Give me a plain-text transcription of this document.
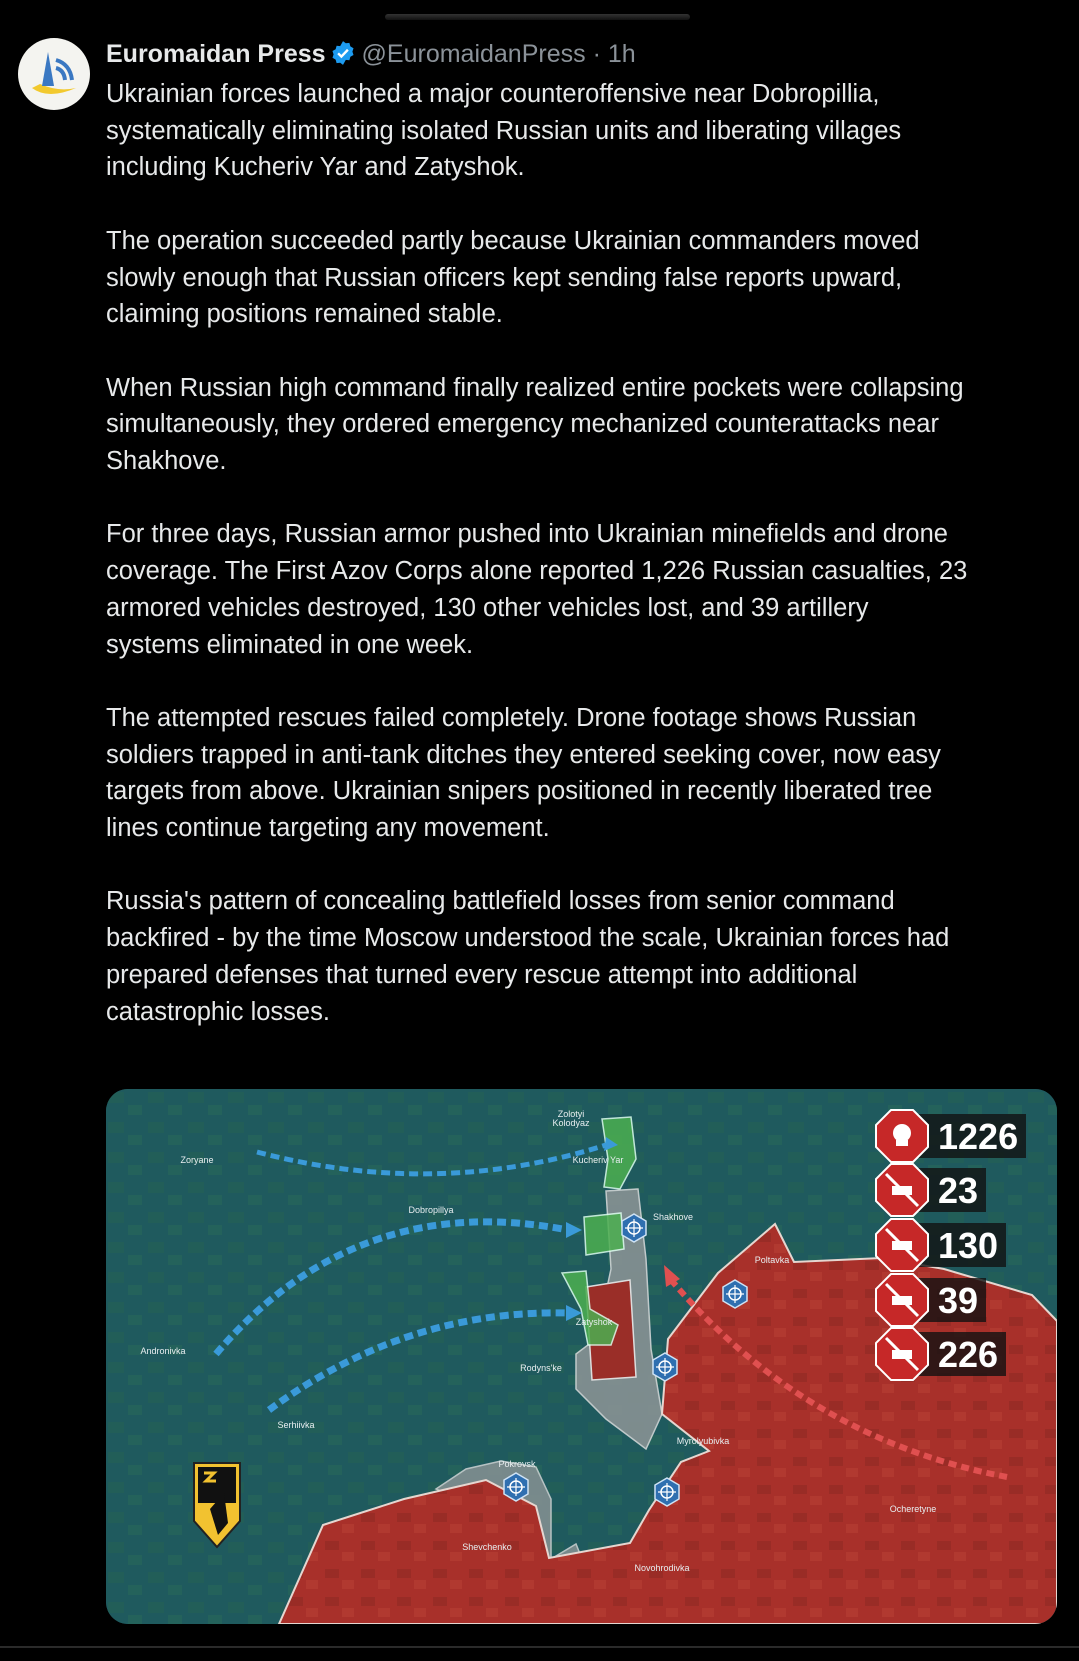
Euromaidan Press @EuromaidanPress · 1h
Ukrainian forces launched a major counteroffensive near Dobropillia,
systematically eliminating isolated Russian units and liberating villages
including Kucheriv Yar and Zatyshok.
The operation succeeded partly because Ukrainian commanders moved
slowly enough that Russian officers kept sending false reports upward,
claiming positions remained stable.
When Russian high command finally realized entire pockets were collapsing
simultaneously, they ordered emergency mechanized counterattacks near
Shakhove.
For three days, Russian armor pushed into Ukrainian minefields and drone
coverage. The First Azov Corps alone reported 1,226 Russian casualties, 23
armored vehicles destroyed, 130 other vehicles lost, and 39 artillery
systems eliminated in one week.
The attempted rescues failed completely. Drone footage shows Russian
soldiers trapped in anti-tank ditches they entered seeking cover, now easy
targets from above. Ukrainian snipers positioned in recently liberated tree
lines continue targeting any movement.
Russia's pattern of concealing battlefield losses from senior command
backfired - by the time Moscow understood the scale, Ukrainian forces had
prepared defenses that turned every rescue attempt into additional
catastrophic losses.
Zolotyi
Kolodyaz
Zoryane	Kucheriv Yar
Dobropillya
Shakhove
Poltavka
Zatyshok
Andronivka
Rodyns'ke
Serhiivka
Myrolyubivka
Pokrovsk
Ocheretyne
Shevchenko
Novohrodivka
1226
23
130
39
226
